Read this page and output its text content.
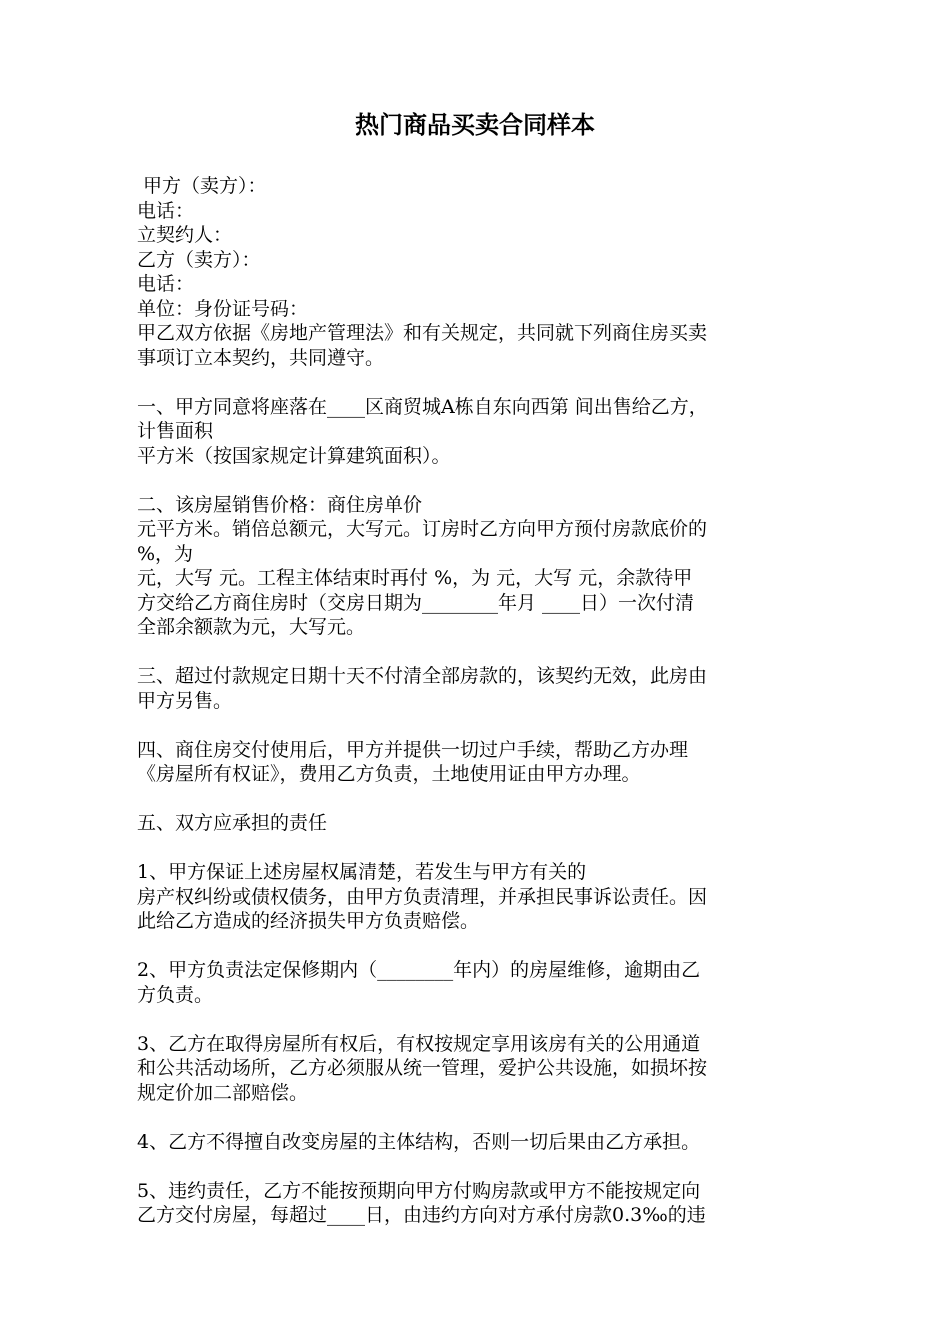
热门商品买卖合同样本
甲方（卖方）：
电话：
立契约人：
乙方（卖方）：
电话：
单位：身份证号码：
甲乙双方依据《房地产管理法》和有关规定，共同就下列商住房买卖
事项订立本契约，共同遵守。
一、甲方同意将座落在____区商贸城A栋自东向西第 间出售给乙方，
计售面积
平方米（按国家规定计算建筑面积）。
二、该房屋销售价格：商住房单价
元平方米。销倍总额元，大写元。订房时乙方向甲方预付房款底价的
%，为
元，大写 元。工程主体结束时再付 %，为 元，大写 元，余款待甲
方交给乙方商住房时（交房日期为________年月 ____日）一次付清
全部余额款为元，大写元。
三、超过付款规定日期十天不付清全部房款的，该契约无效，此房由
甲方另售。
四、商住房交付使用后，甲方并提供一切过户手续，帮助乙方办理
《房屋所有权证》，费用乙方负责，土地使用证由甲方办理。
五、双方应承担的责任
1、甲方保证上述房屋权属清楚，若发生与甲方有关的
房产权纠纷或债权债务，由甲方负责清理，并承担民事诉讼责任。因
此给乙方造成的经济损失甲方负责赔偿。
2、甲方负责法定保修期内（________年内）的房屋维修，逾期由乙
方负责。
3、乙方在取得房屋所有权后，有权按规定享用该房有关的公用通道
和公共活动场所，乙方必须服从统一管理，爱护公共设施，如损坏按
规定价加二部赔偿。
4、乙方不得擅自改变房屋的主体结构，否则一切后果由乙方承担。
5、违约责任，乙方不能按预期向甲方付购房款或甲方不能按规定向
乙方交付房屋，每超过____日，由违约方向对方承付房款0.3‰的违
